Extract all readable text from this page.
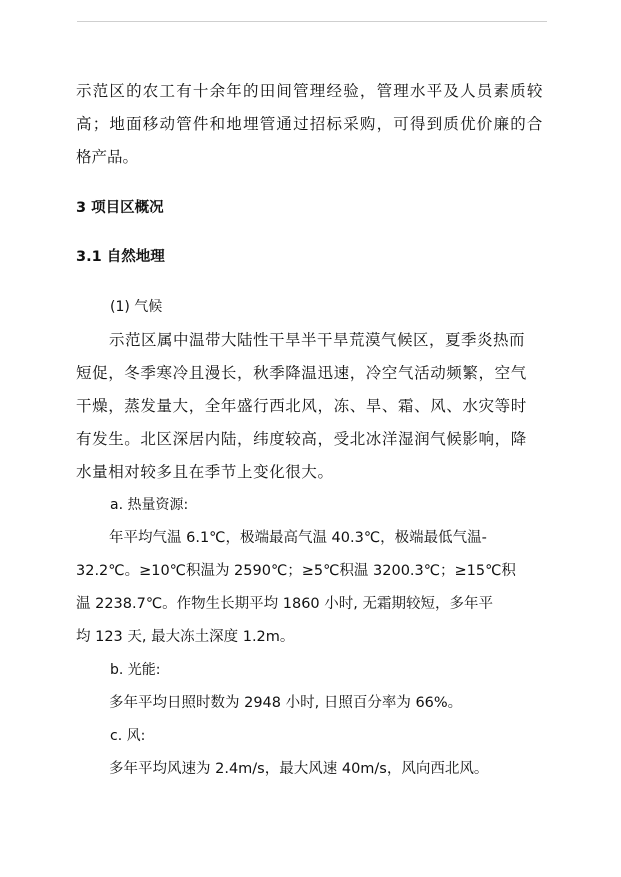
示范区的农工有十余年的田间管理经验，管理水平及人员素质较
高；地面移动管件和地埋管通过招标采购，可得到质优价廉的合
格产品。
3 项目区概况
3.1 自然地理
(1) 气候
示范区属中温带大陆性干旱半干旱荒漠气候区，夏季炎热而
短促，冬季寒冷且漫长，秋季降温迅速，冷空气活动频繁，空气
干燥，蒸发量大，全年盛行西北风，冻、旱、霜、风、水灾等时
有发生。北区深居内陆，纬度较高，受北冰洋湿润气候影响，降
水量相对较多且在季节上变化很大。
a. 热量资源:
年平均气温 6.1℃，极端最高气温 40.3℃，极端最低气温-
32.2℃。≥10℃积温为 2590℃；≥5℃积温 3200.3℃；≥15℃积
温 2238.7℃。作物生长期平均 1860 小时, 无霜期较短，多年平
均 123 天, 最大冻土深度 1.2m。
b. 光能:
多年平均日照时数为 2948 小时, 日照百分率为 66%。
c. 风:
多年平均风速为 2.4m/s，最大风速 40m/s，风向西北风。
